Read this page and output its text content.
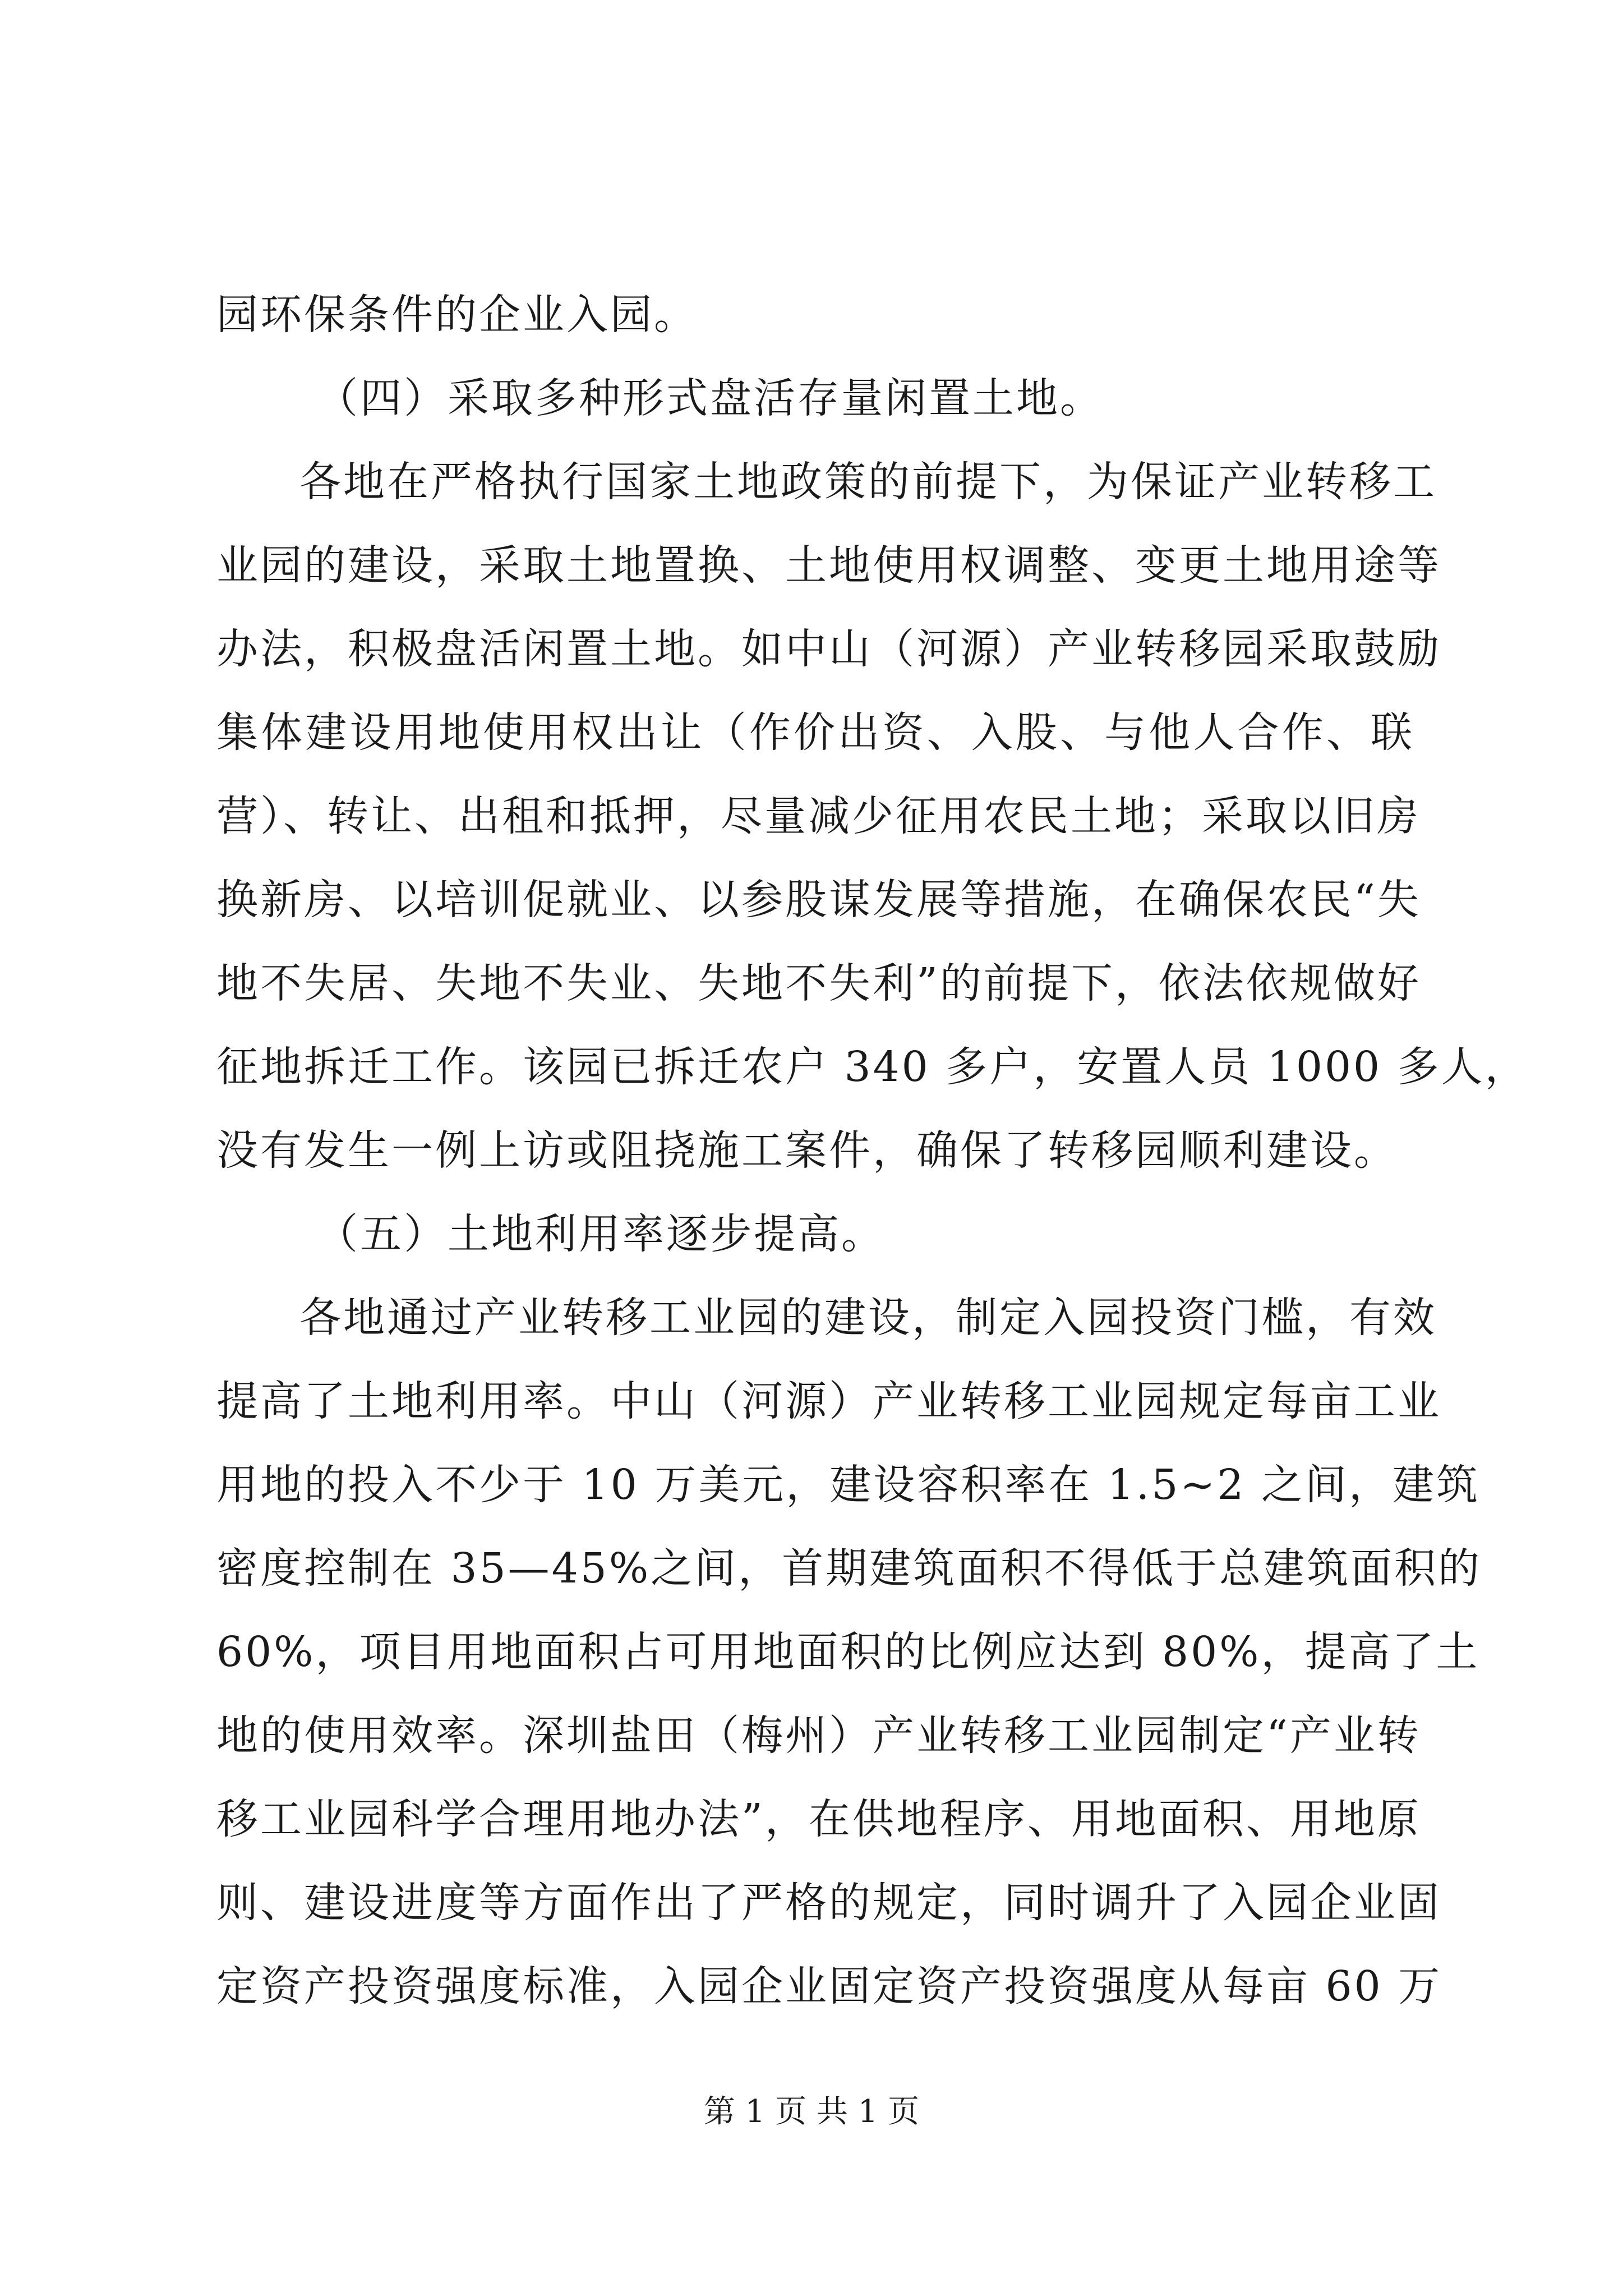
园环保条件的企业入园。
（四）采取多种形式盘活存量闲置土地。
各地在严格执行国家土地政策的前提下，为保证产业转移工
业园的建设，采取土地置换、土地使用权调整、变更土地用途等
办法，积极盘活闲置土地。如中山（河源）产业转移园采取鼓励
集体建设用地使用权出让（作价出资、入股、与他人合作、联
营）、转让、出租和抵押，尽量减少征用农民土地；采取以旧房
换新房、以培训促就业、以参股谋发展等措施，在确保农民“失
地不失居、失地不失业、失地不失利”的前提下，依法依规做好
征地拆迁工作。该园已拆迁农户 340 多户，安置人员 1000 多人，
没有发生一例上访或阻挠施工案件，确保了转移园顺利建设。
（五）土地利用率逐步提高。
各地通过产业转移工业园的建设，制定入园投资门槛，有效
提高了土地利用率。中山（河源）产业转移工业园规定每亩工业
用地的投入不少于 10 万美元，建设容积率在 1.5~2 之间，建筑
密度控制在 35—45%之间，首期建筑面积不得低于总建筑面积的
60%，项目用地面积占可用地面积的比例应达到 80%，提高了土
地的使用效率。深圳盐田（梅州）产业转移工业园制定“产业转
移工业园科学合理用地办法”，在供地程序、用地面积、用地原
则、建设进度等方面作出了严格的规定，同时调升了入园企业固
定资产投资强度标准，入园企业固定资产投资强度从每亩 60 万
第 1 页 共 1 页
